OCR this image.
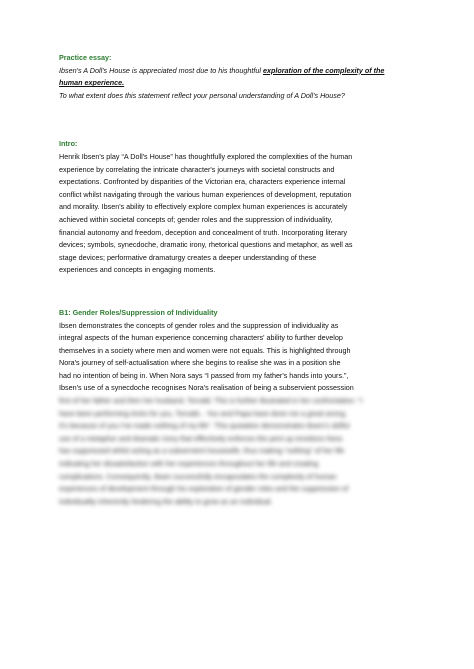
Practice essay:

Ibsen's A Doll's House is appreciated most due to his thoughtful exploration of the complexity of the human experience.

To what extent does this statement reflect your personal understanding of A Doll's House?

Intro:

Henrik Ibsen's play “A Doll's House” has thoughtfully explored the complexities of the human

experience by correlating the intricate character's journeys with societal constructs and

expectations. Confronted by disparities of the Victorian era, characters experience internal

conflict whilst navigating through the various human experiences of development, reputation

and morality. Ibsen's ability to effectively explore complex human experiences is accurately

achieved within societal concepts of; gender roles and the suppression of individuality,

financial autonomy and freedom, deception and concealment of truth. Incorporating literary

devices; symbols, synecdoche, dramatic irony, rhetorical questions and metaphor, as well as

stage devices; performative dramaturgy creates a deeper understanding of these

experiences and concepts in engaging moments.

B1: Gender Roles/Suppression of Individuality

Ibsen demonstrates the concepts of gender roles and the suppression of individuality as

integral aspects of the human experience concerning characters' ability to further develop

themselves in a society where men and women were not equals. This is highlighted through

Nora's journey of self-actualisation where she begins to realise she was in a position she

had no intention of being in. When Nora says “I passed from my father's hands into yours.”,

Ibsen's use of a synecdoche recognises Nora's realisation of being a subservient possession

first of her father and then her husband, Torvald. This is further illustrated in her confrontation: “I

have been performing tricks for you, Torvald... You and Papa have done me a great wrong.

It's because of you I've made nothing of my life”. This quotation demonstrates Ibsen's skilful

use of a metaphor and dramatic irony that effectively enforces the pent up emotions Nora

has suppressed whilst acting as a subservient housewife, thus making “nothing” of her life

indicating her dissatisfaction with her experiences throughout her life and creating

complications. Consequently, Ibsen successfully encapsulates the complexity of human

experiences of development through his exploration of gender roles and the suppression of

individuality inherently hindering the ability to grow as an individual.
